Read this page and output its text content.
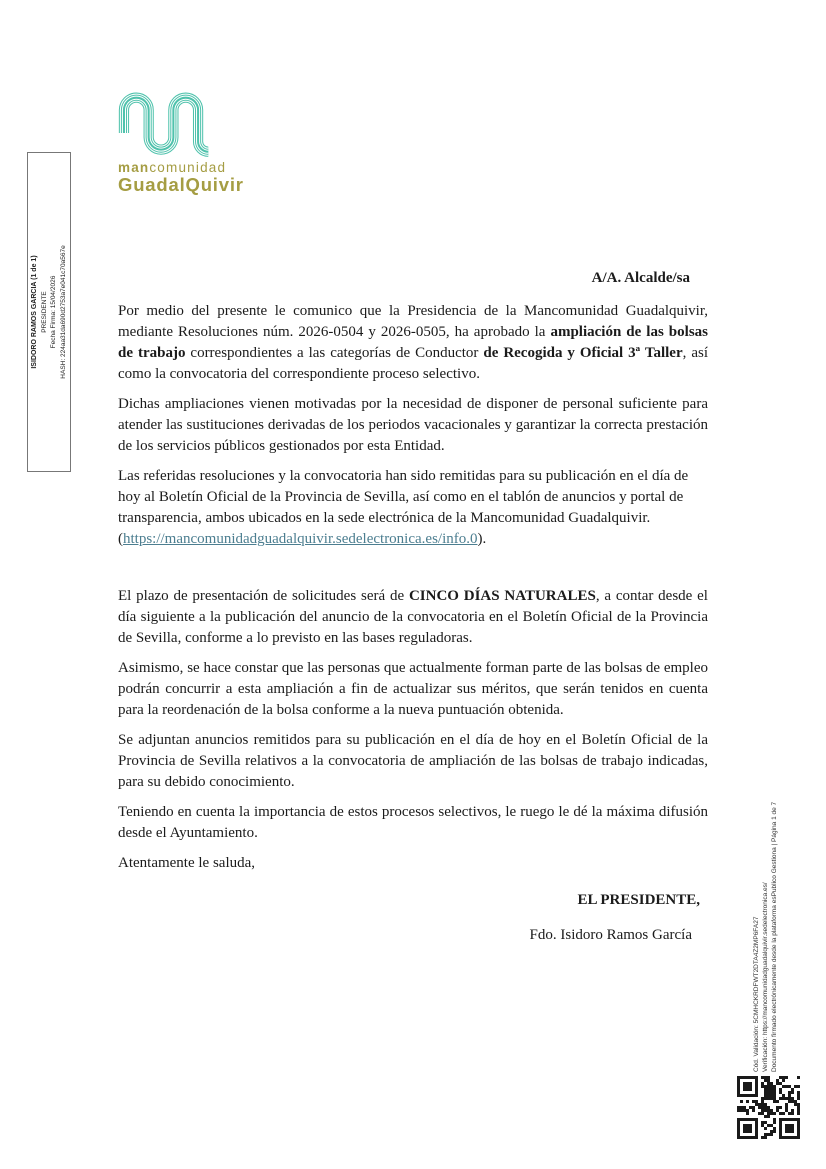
ISIDORO RAMOS GARCIA (1 de 1) PRESIDENTE Fecha Firma: 15/04/2026 HASH: 224aa31da690d2753a7e041c70a567e
mancomunidad
GuadalQuivir
A/A. Alcalde/sa
Por medio del presente le comunico que la Presidencia de la Mancomunidad Guadalquivir, mediante Resoluciones núm. 2026-0504 y 2026-0505, ha aprobado la ampliación de las bolsas de trabajo correspondientes a las categorías de Conductor de Recogida y Oficial 3ª Taller, así como la convocatoria del correspondiente proceso selectivo.
Dichas ampliaciones vienen motivadas por la necesidad de disponer de personal suficiente para atender las sustituciones derivadas de los periodos vacacionales y garantizar la correcta prestación de los servicios públicos gestionados por esta Entidad.
Las referidas resoluciones y la convocatoria han sido remitidas para su publicación en el día de hoy al Boletín Oficial de la Provincia de Sevilla, así como en el tablón de anuncios y portal de transparencia, ambos ubicados en la sede electrónica de la Mancomunidad Guadalquivir.
(https://mancomunidadguadalquivir.sedelectronica.es/info.0).
El plazo de presentación de solicitudes será de CINCO DÍAS NATURALES, a contar desde el día siguiente a la publicación del anuncio de la convocatoria en el Boletín Oficial de la Provincia de Sevilla, conforme a lo previsto en las bases reguladoras.
Asimismo, se hace constar que las personas que actualmente forman parte de las bolsas de empleo podrán concurrir a esta ampliación a fin de actualizar sus méritos, que serán tenidos en cuenta para la reordenación de la bolsa conforme a la nueva puntuación obtenida.
Se adjuntan anuncios remitidos para su publicación en el día de hoy en el Boletín Oficial de la Provincia de Sevilla relativos a la convocatoria de ampliación de las bolsas de trabajo indicadas, para su debido conocimiento.
Teniendo en cuenta la importancia de estos procesos selectivos, le ruego le dé la máxima difusión desde el Ayuntamiento.
Atentamente le saluda,
EL PRESIDENTE,
Fdo. Isidoro Ramos García	Cód. Validación: 5CMHCKRDFWT2DTA4Z2MP6FA27 Verificación: https://mancomunidadguadalquivir.sedelectronica.es/ Documento firmado electrónicamente desde la plataforma esPublico Gestiona | Página 1 de 7
